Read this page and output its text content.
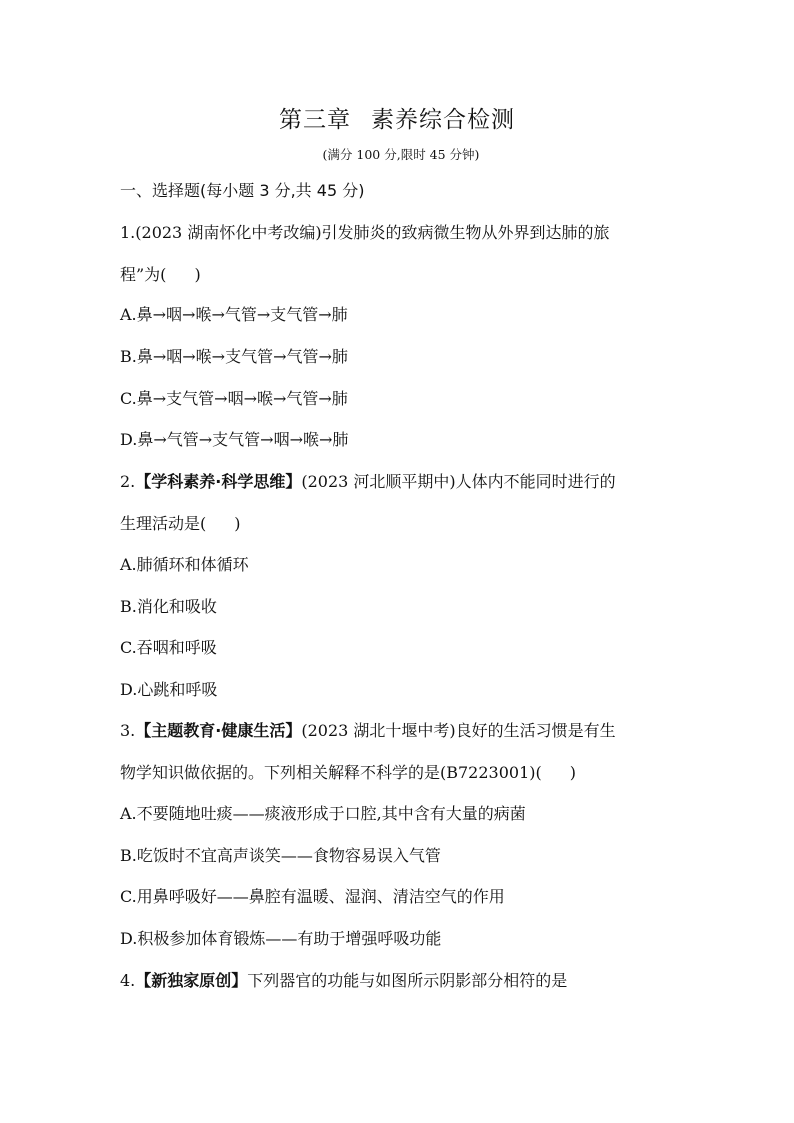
第三章 素养综合检测
(满分 100 分,限时 45 分钟)
一、选择题(每小题 3 分,共 45 分)
1.(2023 湖南怀化中考改编)引发肺炎的致病微生物从外界到达肺的旅
程”为( )
A.鼻→咽→喉→气管→支气管→肺
B.鼻→咽→喉→支气管→气管→肺
C.鼻→支气管→咽→喉→气管→肺
D.鼻→气管→支气管→咽→喉→肺
2.【学科素养·科学思维】(2023 河北顺平期中)人体内不能同时进行的
生理活动是( )
A.肺循环和体循环
B.消化和吸收
C.吞咽和呼吸
D.心跳和呼吸
3.【主题教育·健康生活】(2023 湖北十堰中考)良好的生活习惯是有生
物学知识做依据的。下列相关解释不科学的是(B7223001)( )
A.不要随地吐痰——痰液形成于口腔,其中含有大量的病菌
B.吃饭时不宜高声谈笑——食物容易误入气管
C.用鼻呼吸好——鼻腔有温暖、湿润、清洁空气的作用
D.积极参加体育锻炼——有助于增强呼吸功能
4.【新独家原创】下列器官的功能与如图所示阴影部分相符的是
